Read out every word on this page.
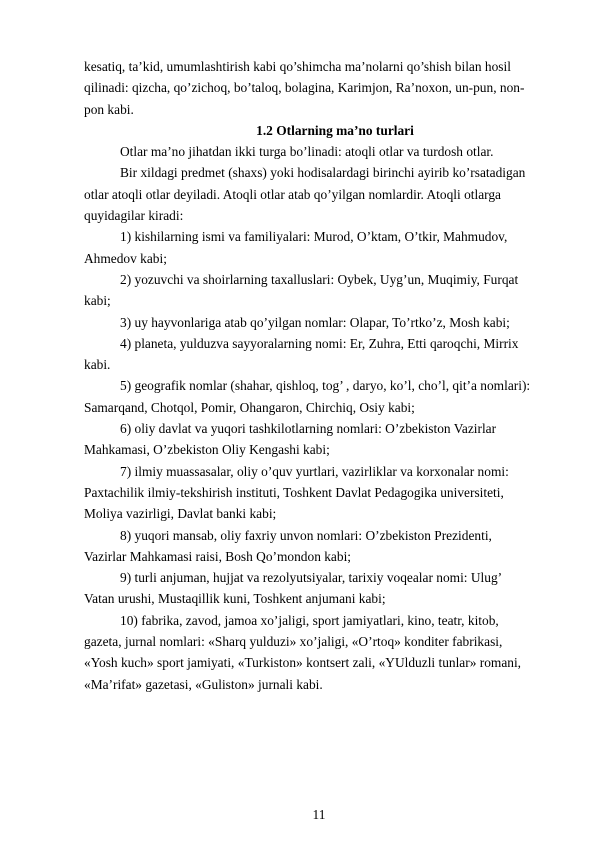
kesatiq, ta’kid, umumlashtirish kabi qo’shimcha ma’nolarni qo’shish bilan hosil
qilinadi: qizcha, qo’zichoq, bo’taloq, bolagina, Karimjon, Ra’noxon, un-pun, non-
pon kabi.
1.2 Otlarning ma’no turlari
Otlar ma’no jihatdan ikki turga bo’linadi: atoqli otlar va turdosh otlar.
Bir xildagi predmet (shaxs) yoki hodisalardagi birinchi ayirib ko’rsatadigan
otlar atoqli otlar deyiladi. Atoqli otlar atab qo’yilgan nomlardir. Atoqli otlarga
quyidagilar kiradi:
1) kishilarning ismi va familiyalari: Murod, O’ktam, O’tkir, Mahmudov,
Ahmedov kabi;
2) yozuvchi va shoirlarning taxalluslari: Oybek, Uyg’un, Muqimiy, Furqat
kabi;
3) uy hayvonlariga atab qo’yilgan nomlar: Olapar, To’rtko’z, Mosh kabi;
4) planeta, yulduzva sayyoralarning nomi: Er, Zuhra, Etti qaroqchi, Mirrix
kabi.
5) geografik nomlar (shahar, qishloq, tog’ , daryo, ko’l, cho’l, qit’a nomlari):
Samarqand, Chotqol, Pomir, Ohangaron, Chirchiq, Osiy kabi;
6) oliy davlat va yuqori tashkilotlarning nomlari: O’zbekiston Vazirlar
Mahkamasi, O’zbekiston Oliy Kengashi kabi;
7) ilmiy muassasalar, oliy o’quv yurtlari, vazirliklar va korxonalar nomi:
Paxtachilik ilmiy-tekshirish instituti, Toshkent Davlat Pedagogika universiteti,
Moliya vazirligi, Davlat banki kabi;
8) yuqori mansab, oliy faxriy unvon nomlari: O’zbekiston Prezidenti,
Vazirlar Mahkamasi raisi, Bosh Qo’mondon kabi;
9) turli anjuman, hujjat va rezolyutsiyalar, tarixiy voqealar nomi: Ulug’
Vatan urushi, Mustaqillik kuni, Toshkent anjumani kabi;
10) fabrika, zavod, jamoa xo’jaligi, sport jamiyatlari, kino, teatr, kitob,
gazeta, jurnal nomlari: «Sharq yulduzi» xo’jaligi, «O’rtoq» konditer fabrikasi,
«Yosh kuch» sport jamiyati, «Turkiston» kontsert zali, «YUlduzli tunlar» romani,
«Ma’rifat» gazetasi, «Guliston» jurnali kabi.
11
